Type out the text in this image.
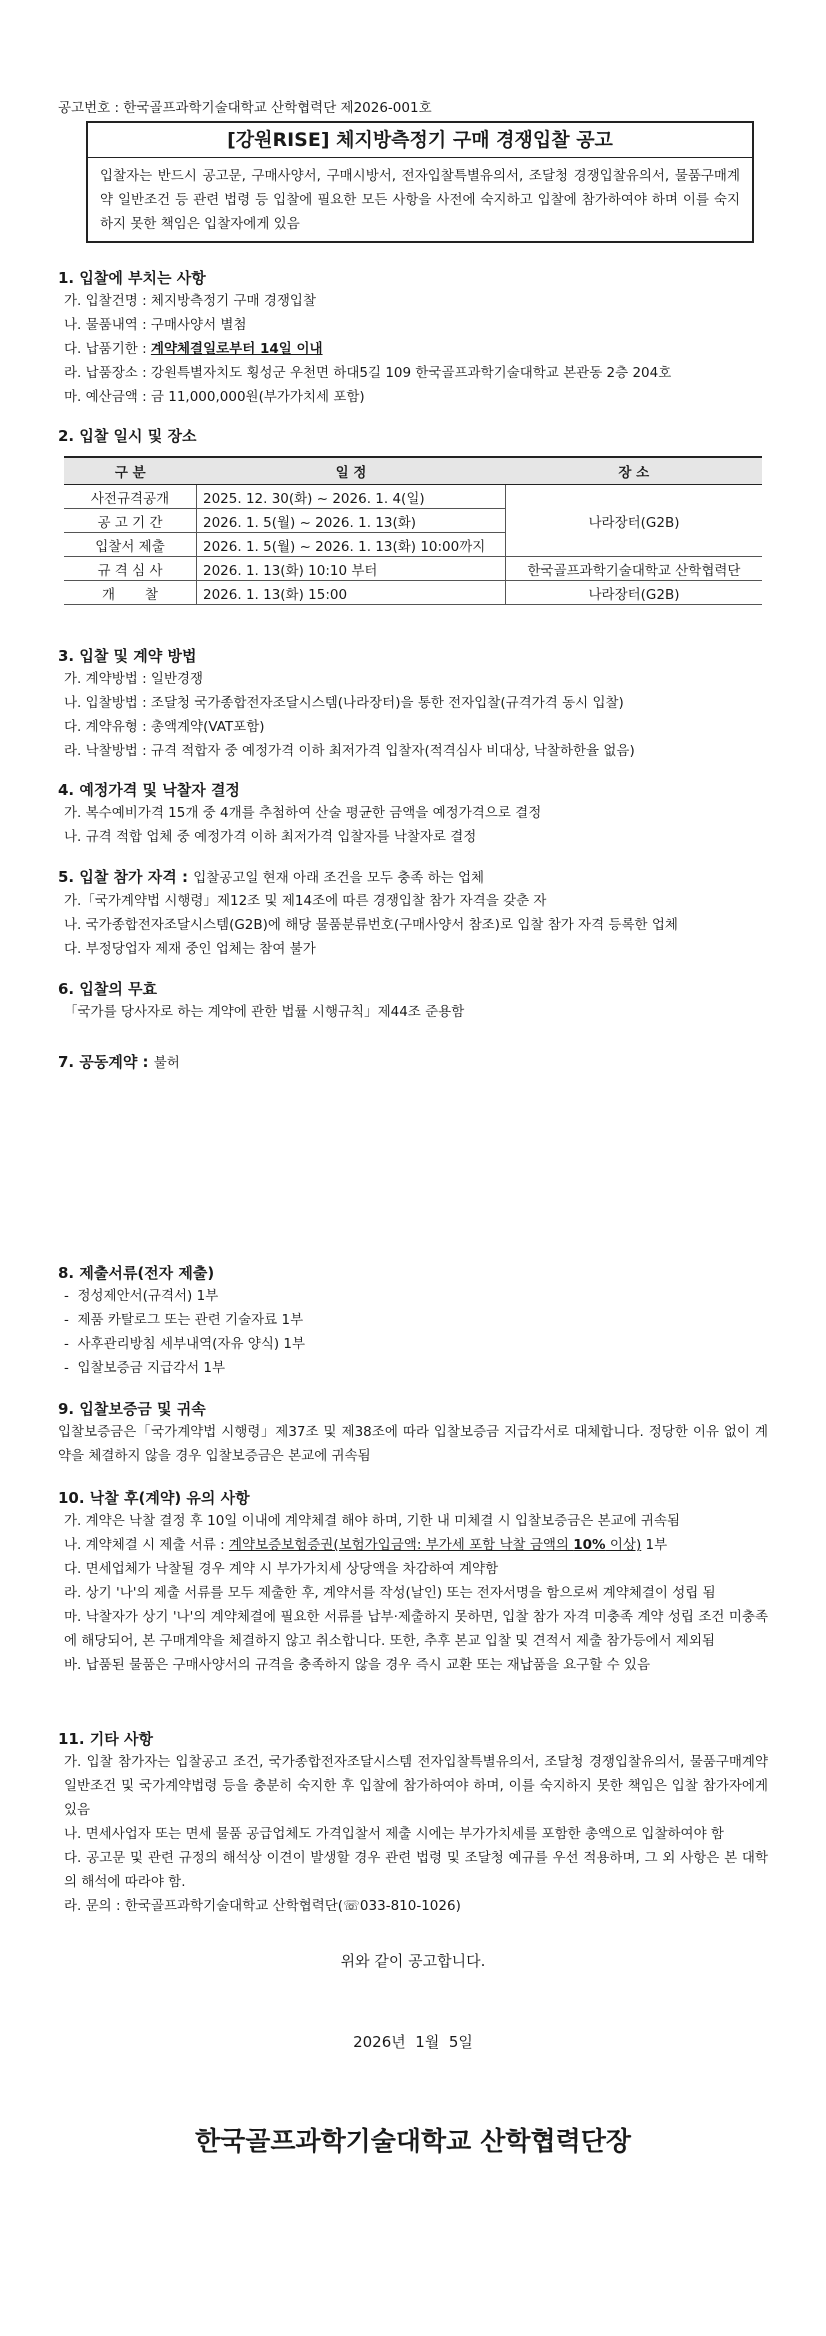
공고번호 : 한국골프과학기술대학교 산학협력단 제2026-001호
[강원RISE] 체지방측정기 구매 경쟁입찰 공고
입찰자는 반드시 공고문, 구매사양서, 구매시방서, 전자입찰특별유의서, 조달청 경쟁입찰유의서, 물품구매계약 일반조건 등 관련 법령 등 입찰에 필요한 모든 사항을 사전에 숙지하고 입찰에 참가하여야 하며 이를 숙지하지 못한 책임은 입찰자에게 있음
1. 입찰에 부치는 사항
가. 입찰건명 : 체지방측정기 구매 경쟁입찰
나. 물품내역 : 구매사양서 별첨
다. 납품기한 : 계약체결일로부터 14일 이내
라. 납품장소 : 강원특별자치도 횡성군 우천면 하대5길 109 한국골프과학기술대학교 본관동 2층 204호
마. 예산금액 : 금 11,000,000원(부가가치세 포함)
2. 입찰 일시 및 장소
구 분	일 정	장 소
사전규격공개	2025. 12. 30(화) ~ 2026. 1. 4(일)	나라장터(G2B)
공 고 기 간	2026. 1. 5(월) ~ 2026. 1. 13(화)	
입찰서 제출	2026. 1. 5(월) ~ 2026. 1. 13(화) 10:00까지	
규 격 심 사	2026. 1. 13(화) 10:10 부터	한국골프과학기술대학교 산학협력단
개       찰	2026. 1. 13(화) 15:00	나라장터(G2B)
3. 입찰 및 계약 방법
가. 계약방법 : 일반경쟁
나. 입찰방법 : 조달청 국가종합전자조달시스템(나라장터)을 통한 전자입찰(규격가격 동시 입찰)
다. 계약유형 : 총액계약(VAT포함)
라. 낙찰방법 : 규격 적합자 중 예정가격 이하 최저가격 입찰자(적격심사 비대상, 낙찰하한율 없음)
4. 예정가격 및 낙찰자 결정
가. 복수예비가격 15개 중 4개를 추첨하여 산술 평균한 금액을 예정가격으로 결정
나. 규격 적합 업체 중 예정가격 이하 최저가격 입찰자를 낙찰자로 결정
5. 입찰 참가 자격 : 입찰공고일 현재 아래 조건을 모두 충족 하는 업체
가.「국가계약법 시행령」제12조 및 제14조에 따른 경쟁입찰 참가 자격을 갖춘 자
나. 국가종합전자조달시스템(G2B)에 해당 물품분류번호(구매사양서 참조)로 입찰 참가 자격 등록한 업체
다. 부정당업자 제재 중인 업체는 참여 불가
6. 입찰의 무효
「국가를 당사자로 하는 계약에 관한 법률 시행규칙」제44조 준용함
7. 공동계약 : 불허
8. 제출서류(전자 제출)
-  정성제안서(규격서) 1부
-  제품 카탈로그 또는 관련 기술자료 1부
-  사후관리방침 세부내역(자유 양식) 1부
-  입찰보증금 지급각서 1부
9. 입찰보증금 및 귀속
입찰보증금은「국가계약법 시행령」제37조 및 제38조에 따라 입찰보증금 지급각서로 대체합니다. 정당한 이유 없이 계약을 체결하지 않을 경우 입찰보증금은 본교에 귀속됨
10. 낙찰 후(계약) 유의 사항
가. 계약은 낙찰 결정 후 10일 이내에 계약체결 해야 하며, 기한 내 미체결 시 입찰보증금은 본교에 귀속됨
나. 계약체결 시 제출 서류 : 계약보증보험증권(보험가입금액: 부가세 포함 낙찰 금액의 10% 이상) 1부
다. 면세업체가 낙찰될 경우 계약 시 부가가치세 상당액을 차감하여 계약함
라. 상기 '나'의 제출 서류를 모두 제출한 후, 계약서를 작성(날인) 또는 전자서명을 함으로써 계약체결이 성립 됨
마. 낙찰자가 상기 '나'의 계약체결에 필요한 서류를 납부·제출하지 못하면, 입찰 참가 자격 미충족 계약 성립 조건 미충족에 해당되어, 본 구매계약을 체결하지 않고 취소합니다. 또한, 추후 본교 입찰 및 견적서 제출 참가등에서 제외됨
바. 납품된 물품은 구매사양서의 규격을 충족하지 않을 경우 즉시 교환 또는 재납품을 요구할 수 있음
11. 기타 사항
가. 입찰 참가자는 입찰공고 조건, 국가종합전자조달시스템 전자입찰특별유의서, 조달청 경쟁입찰유의서, 물품구매계약 일반조건 및 국가계약법령 등을 충분히 숙지한 후 입찰에 참가하여야 하며, 이를 숙지하지 못한 책임은 입찰 참가자에게 있음
나. 면세사업자 또는 면세 물품 공급업체도 가격입찰서 제출 시에는 부가가치세를 포함한 총액으로 입찰하여야 함
다. 공고문 및 관련 규정의 해석상 이견이 발생할 경우 관련 법령 및 조달청 예규를 우선 적용하며, 그 외 사항은 본 대학의 해석에 따라야 함.
라. 문의 : 한국골프과학기술대학교 산학협력단(☏033-810-1026)
위와 같이 공고합니다.
2026년  1월  5일
한국골프과학기술대학교 산학협력단장
